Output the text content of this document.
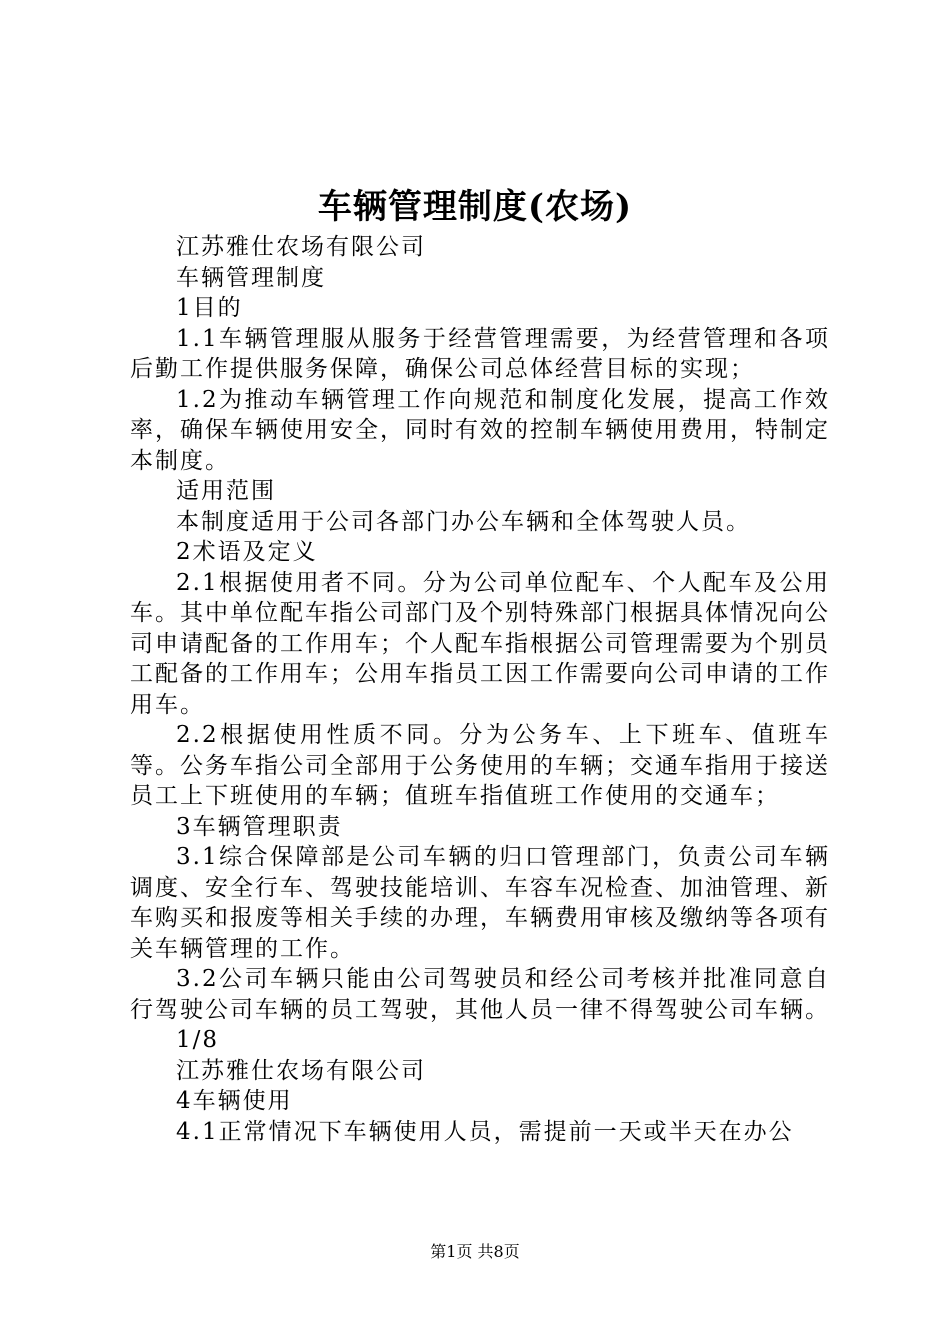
车辆管理制度(农场)

江苏雅仕农场有限公司

车辆管理制度

1目的

1.1车辆管理服从服务于经营管理需要，为经营管理和各项后勤工作提供服务保障，确保公司总体经营目标的实现；

1.2为推动车辆管理工作向规范和制度化发展，提高工作效率，确保车辆使用安全，同时有效的控制车辆使用费用，特制定本制度。

适用范围

本制度适用于公司各部门办公车辆和全体驾驶人员。

2术语及定义

2.1根据使用者不同。分为公司单位配车、个人配车及公用车。其中单位配车指公司部门及个别特殊部门根据具体情况向公司申请配备的工作用车；个人配车指根据公司管理需要为个别员工配备的工作用车；公用车指员工因工作需要向公司申请的工作用车。

2.2根据使用性质不同。分为公务车、上下班车、值班车等。公务车指公司全部用于公务使用的车辆；交通车指用于接送员工上下班使用的车辆；值班车指值班工作使用的交通车；

3车辆管理职责

3.1综合保障部是公司车辆的归口管理部门，负责公司车辆调度、安全行车、驾驶技能培训、车容车况检查、加油管理、新车购买和报废等相关手续的办理，车辆费用审核及缴纳等各项有关车辆管理的工作。

3.2公司车辆只能由公司驾驶员和经公司考核并批准同意自行驾驶公司车辆的员工驾驶，其他人员一律不得驾驶公司车辆。

1/8

江苏雅仕农场有限公司

4车辆使用

4.1正常情况下车辆使用人员，需提前一天或半天在办公

第1页 共8页
